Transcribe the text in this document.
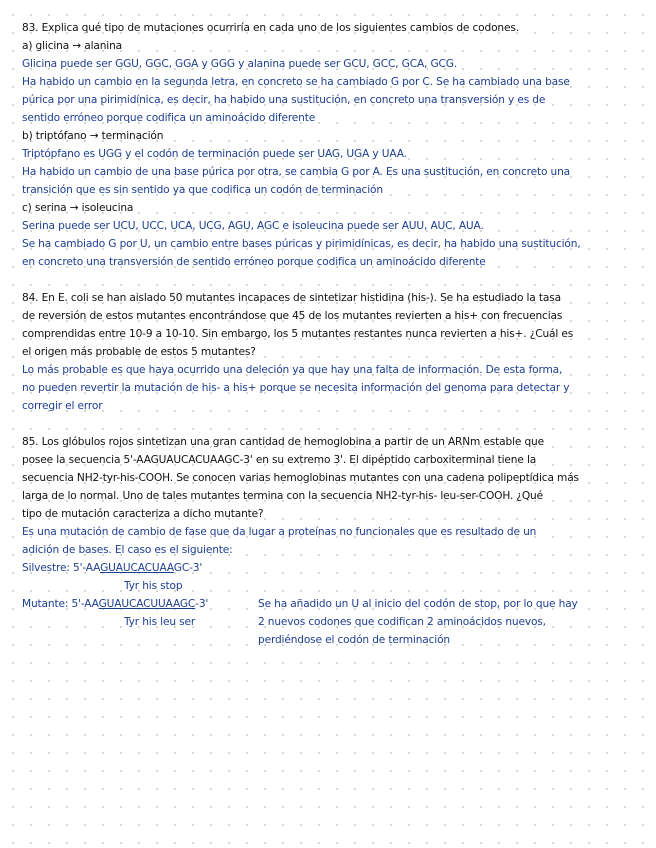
83. Explica qué tipo de mutaciones ocurriría en cada uno de los siguientes cambios de codones.
a) glicina → alanina
Glicina puede ser GGU, GGC, GGA y GGG y alanina puede ser GCU, GCC, GCA, GCG.
Ha habido un cambio en la segunda letra, en concreto se ha cambiado G por C. Se ha cambiado una base
púrica por una pirimidínica, es decir, ha habido una sustitución, en concreto una transversión y es de
sentido erróneo porque codifica un aminoácido diferente
b) triptófano → terminación
Triptópfano es UGG y el codón de terminación puede ser UAG, UGA y UAA.
Ha habido un cambio de una base púrica por otra, se cambia G por A. Es una sustitución, en concreto una
transición que es sin sentido ya que codifica un codón de terminación
c) serina → isoleucina
Serina puede ser UCU, UCC, UCA, UCG, AGU, AGC e isoleucina puede ser AUU, AUC, AUA.
Se ha cambiado G por U, un cambio entre bases púricas y pirimidínicas, es decir, ha habido una sustitución,
en concreto una transversión de sentido erróneo porque codifica un aminoácido diferente
84. En E. coli se han aislado 50 mutantes incapaces de sintetizar histidina (his-). Se ha estudiado la tasa
de reversión de estos mutantes encontrándose que 45 de los mutantes revierten a his+ con frecuencias
comprendidas entre 10-9 a 10-10. Sin embargo, los 5 mutantes restantes nunca revierten a his+. ¿Cuál es
el origen más probable de estos 5 mutantes?
Lo más probable es que haya ocurrido una deleción ya que hay una falta de información. De esta forma,
no pueden revertir la mutación de his- a his+ porque se necesita información del genoma para detectar y
corregir el error
85. Los glóbulos rojos sintetizan una gran cantidad de hemoglobina a partir de un ARNm estable que
posee la secuencia 5'-AAGUAUCACUAAGC-3' en su extremo 3'. El dipéptido carboxiterminal tiene la
secuencia NH2-tyr-his-COOH. Se conocen varias hemoglobinas mutantes con una cadena polipeptídica más
larga de lo normal. Uno de tales mutantes termina con la secuencia NH2-tyr-his- leu-ser-COOH. ¿Qué
tipo de mutación caracteriza a dicho mutante?
Es una mutación de cambio de fase que da lugar a proteínas no funcionales que es resultado de un
adición de bases. El caso es el siguiente:
Silvestre: 5'-AAGUAUCACUAAGC-3'
Tyr his stop
Mutante: 5'-AAGUAUCACUUAAGC-3'
Tyr his leu ser
Se ha añadido un U al inicio del codón de stop, por lo que hay
2 nuevos codones que codifican 2 aminoácidos nuevos,
perdiéndose el codón de terminación
